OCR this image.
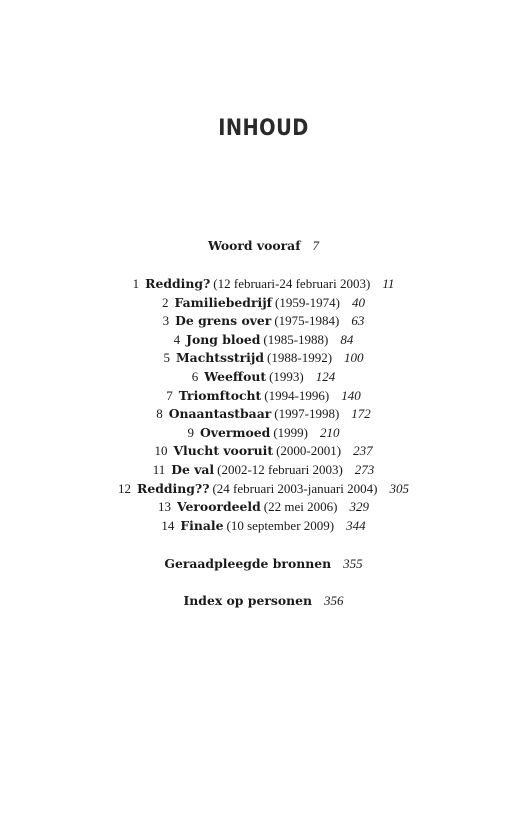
INHOUD
Woord vooraf 7
1 Redding? (12 februari-24 februari 2003) 11
2 Familiebedrijf (1959-1974) 40
3 De grens over (1975-1984) 63
4 Jong bloed (1985-1988) 84
5 Machtsstrijd (1988-1992) 100
6 Weeffout (1993) 124
7 Triomftocht (1994-1996) 140
8 Onaantastbaar (1997-1998) 172
9 Overmoed (1999) 210
10 Vlucht vooruit (2000-2001) 237
11 De val (2002-12 februari 2003) 273
12 Redding?? (24 februari 2003-januari 2004) 305
13 Veroordeeld (22 mei 2006) 329
14 Finale (10 september 2009) 344
Geraadpleegde bronnen 355
Index op personen 356
